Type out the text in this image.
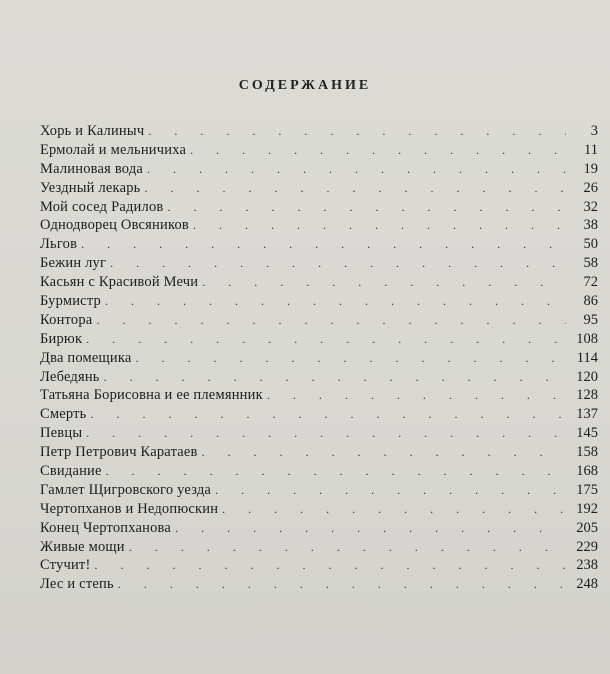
СОДЕРЖАНИЕ
Хорь и Калиныч . . .	3
Ермолай и мельничиха . . .	11
Малиновая вода . . .	19
Уездный лекарь . . .	26
Мой сосед Радилов . . .	32
Однодворец Овсяников . . .	38
Льгов . . .	50
Бежин луг . . .	58
Касьян с Красивой Мечи . . .	72
Бурмистр . . .	86
Контора . . .	95
Бирюк . . .	108
Два помещика . . .	114
Лебедянь . . .	120
Татьяна Борисовна и ее племянник . . .	128
Смерть . . .	137
Певцы . . .	145
Петр Петрович Каратаев . . .	158
Свидание . . .	168
Гамлет Щигровского уезда . . .	175
Чертопханов и Недопюскин . . .	192
Конец Чертопханова . . .	205
Живые мощи . . .	229
Стучит! . . .	238
Лес и степь . . .	248
